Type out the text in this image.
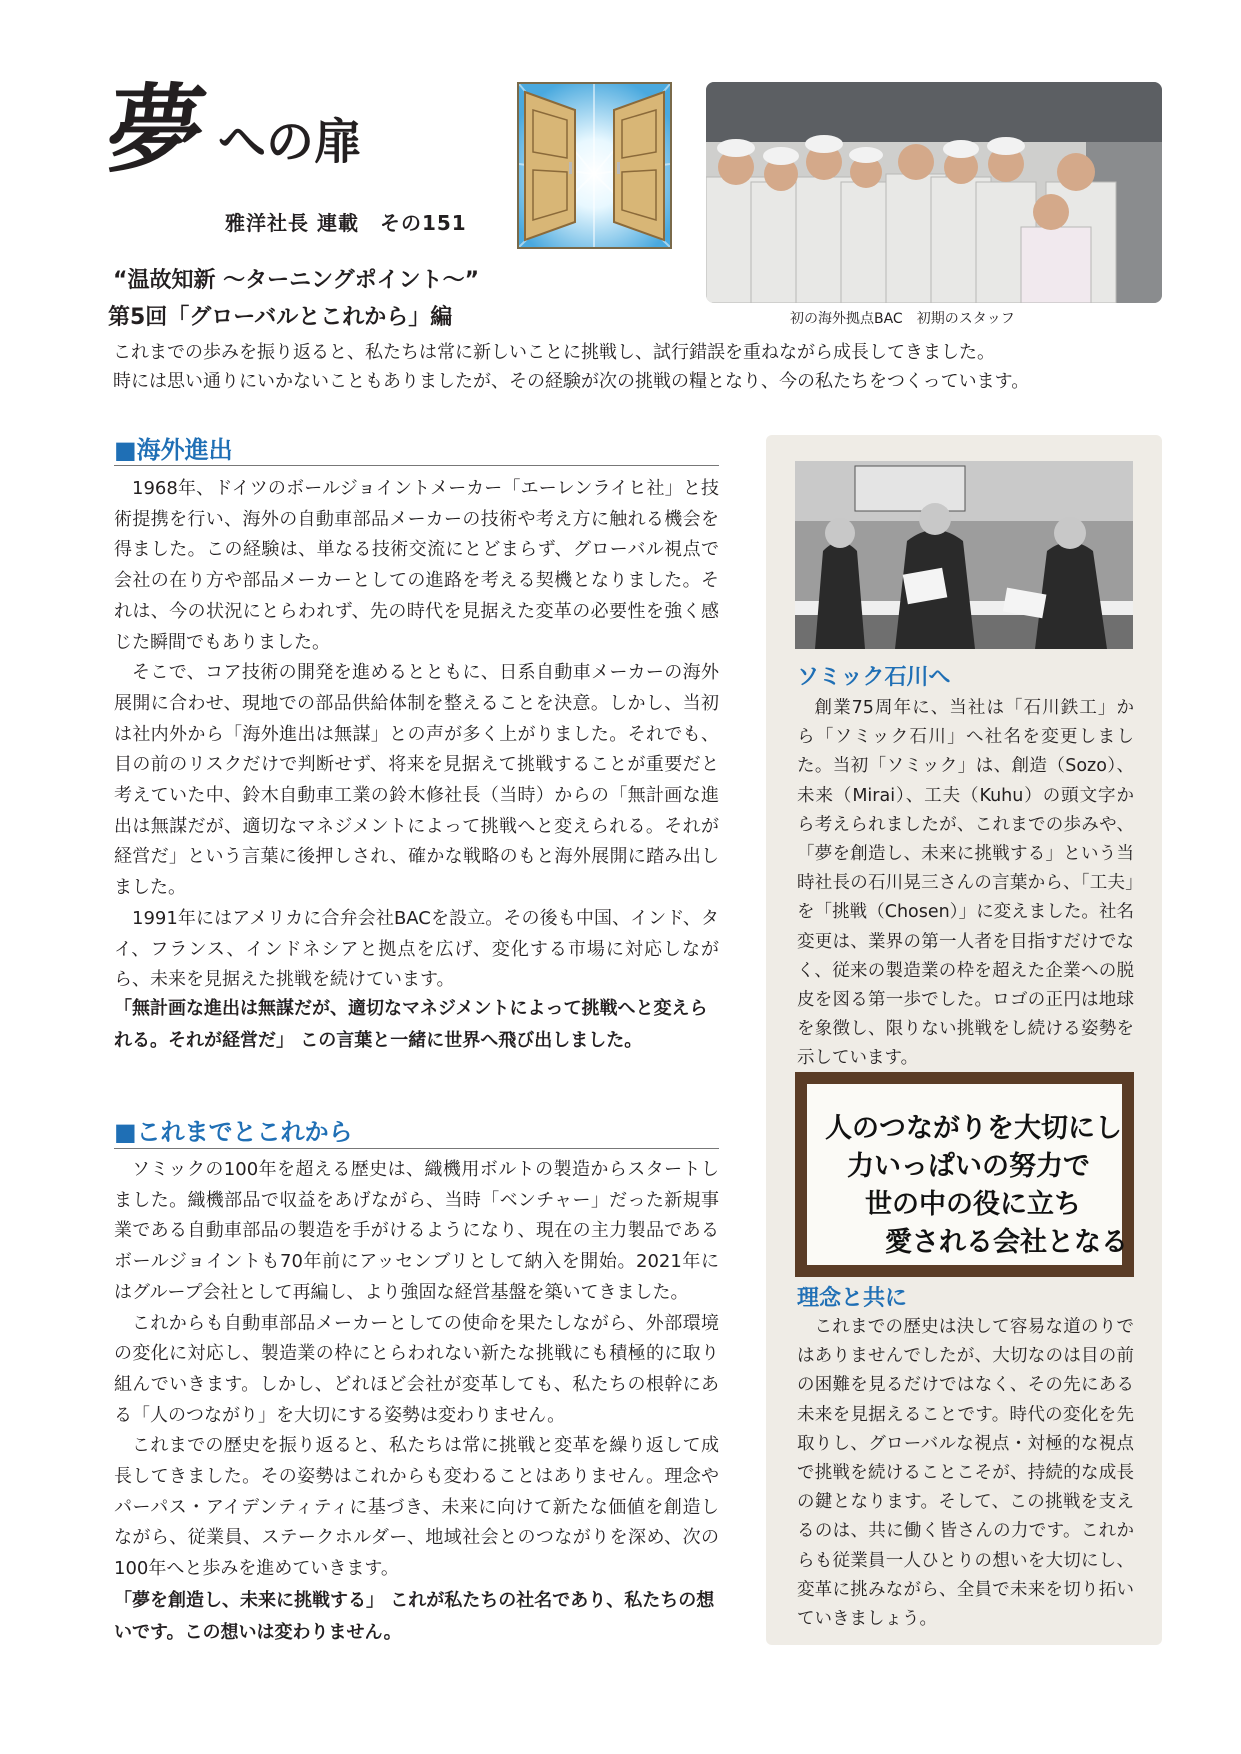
夢 への扉
雅洋社長 連載　その151
初の海外拠点BAC　初期のスタッフ
“温故知新 〜ターニングポイント〜”
第5回「グローバルとこれから」編
これまでの歩みを振り返ると、私たちは常に新しいことに挑戦し、試行錯誤を重ねながら成長してきました。
時には思い通りにいかないこともありましたが、その経験が次の挑戦の糧となり、今の私たちをつくっています。
■海外進出

1968年、ドイツのボールジョイントメーカー「エーレンライヒ社」と技術提携を行い、海外の自動車部品メーカーの技術や考え方に触れる機会を得ました。この経験は、単なる技術交流にとどまらず、グローバル視点で会社の在り方や部品メーカーとしての進路を考える契機となりました。それは、今の状況にとらわれず、先の時代を見据えた変革の必要性を強く感じた瞬間でもありました。

そこで、コア技術の開発を進めるとともに、日系自動車メーカーの海外展開に合わせ、現地での部品供給体制を整えることを決意。しかし、当初は社内外から「海外進出は無謀」との声が多く上がりました。それでも、目の前のリスクだけで判断せず、将来を見据えて挑戦することが重要だと考えていた中、鈴木自動車工業の鈴木修社長（当時）からの「無計画な進出は無謀だが、適切なマネジメントによって挑戦へと変えられる。それが経営だ」という言葉に後押しされ、確かな戦略のもと海外展開に踏み出しました。

1991年にはアメリカに合弁会社BACを設立。その後も中国、インド、タイ、フランス、インドネシアと拠点を広げ、変化する市場に対応しながら、未来を見据えた挑戦を続けています。

「無計画な進出は無謀だが、適切なマネジメントによって挑戦へと変えられる。それが経営だ」 この言葉と一緒に世界へ飛び出しました。
■これまでとこれから

ソミックの100年を超える歴史は、織機用ボルトの製造からスタートしました。織機部品で収益をあげながら、当時「ベンチャー」だった新規事業である自動車部品の製造を手がけるようになり、現在の主力製品であるボールジョイントも70年前にアッセンブリとして納入を開始。2021年にはグループ会社として再編し、より強固な経営基盤を築いてきました。

これからも自動車部品メーカーとしての使命を果たしながら、外部環境の変化に対応し、製造業の枠にとらわれない新たな挑戦にも積極的に取り組んでいきます。しかし、どれほど会社が変革しても、私たちの根幹にある「人のつながり」を大切にする姿勢は変わりません。

これまでの歴史を振り返ると、私たちは常に挑戦と変革を繰り返して成長してきました。その姿勢はこれからも変わることはありません。理念やパーパス・アイデンティティに基づき、未来に向けて新たな価値を創造しながら、従業員、ステークホルダー、地域社会とのつながりを深め、次の100年へと歩みを進めていきます。

「夢を創造し、未来に挑戦する」 これが私たちの社名であり、私たちの想いです。この想いは変わりません。
ソミック石川へ

創業75周年に、当社は「石川鉄工」から「ソミック石川」へ社名を変更しました。当初「ソミック」は、創造（Sozo）、未来（Mirai）、工夫（Kuhu）の頭文字から考えられましたが、これまでの歩みや、「夢を創造し、未来に挑戦する」という当時社長の石川晃三さんの言葉から、「工夫」を「挑戦（Chosen）」に変えました。社名変更は、業界の第一人者を目指すだけでなく、従来の製造業の枠を超えた企業への脱皮を図る第一歩でした。ロゴの正円は地球を象徴し、限りない挑戦をし続ける姿勢を示しています。

人のつながりを大切にし
力いっぱいの努力で
世の中の役に立ち
愛される会社となる
理念と共に

これまでの歴史は決して容易な道のりではありませんでしたが、大切なのは目の前の困難を見るだけではなく、その先にある未来を見据えることです。時代の変化を先取りし、グローバルな視点・対極的な視点で挑戦を続けることこそが、持続的な成長の鍵となります。そして、この挑戦を支えるのは、共に働く皆さんの力です。これからも従業員一人ひとりの想いを大切にし、変革に挑みながら、全員で未来を切り拓いていきましょう。
